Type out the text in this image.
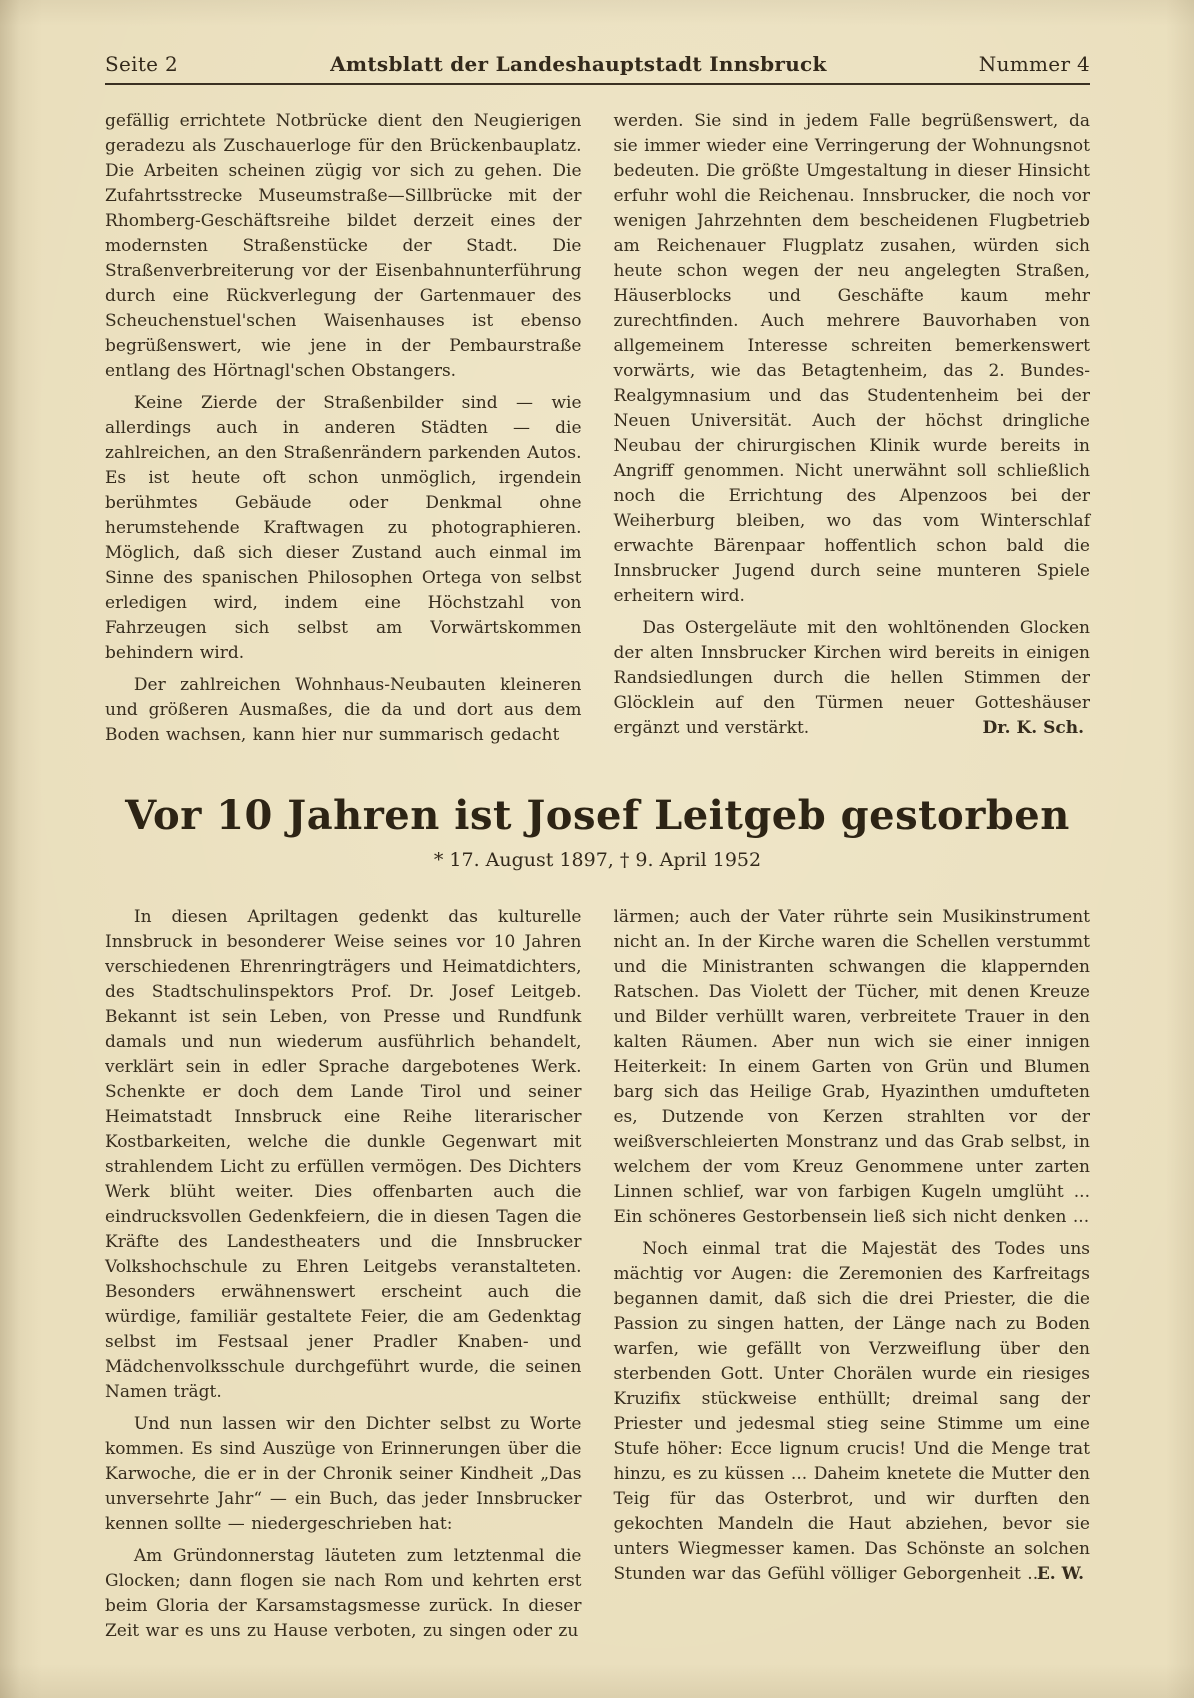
Seite 2	Amtsblatt der Landeshauptstadt Innsbruck	Nummer 4

gefällig errichtete Notbrücke dient den Neugierigen geradezu als Zuschauerloge für den Brückenbauplatz. Die Arbeiten scheinen zügig vor sich zu gehen. Die Zufahrtsstrecke Museumstraße—Sillbrücke mit der Rhomberg-Geschäftsreihe bildet derzeit eines der modernsten Straßenstücke der Stadt. Die Straßenverbreiterung vor der Eisenbahnunterführung durch eine Rückverlegung der Gartenmauer des Scheuchenstuel'schen Waisenhauses ist ebenso begrüßenswert, wie jene in der Pembaurstraße entlang des Hörtnagl'schen Obstangers.

Keine Zierde der Straßenbilder sind — wie allerdings auch in anderen Städten — die zahlreichen, an den Straßenrändern parkenden Autos. Es ist heute oft schon unmöglich, irgendein berühmtes Gebäude oder Denkmal ohne herumstehende Kraftwagen zu photographieren. Möglich, daß sich dieser Zustand auch einmal im Sinne des spanischen Philosophen Ortega von selbst erledigen wird, indem eine Höchstzahl von Fahrzeugen sich selbst am Vorwärtskommen behindern wird.

Der zahlreichen Wohnhaus-Neubauten kleineren und größeren Ausmaßes, die da und dort aus dem Boden wachsen, kann hier nur summarisch gedacht

werden. Sie sind in jedem Falle begrüßenswert, da sie immer wieder eine Verringerung der Wohnungsnot bedeuten. Die größte Umgestaltung in dieser Hinsicht erfuhr wohl die Reichenau. Innsbrucker, die noch vor wenigen Jahrzehnten dem bescheidenen Flugbetrieb am Reichenauer Flugplatz zusahen, würden sich heute schon wegen der neu angelegten Straßen, Häuserblocks und Geschäfte kaum mehr zurechtfinden. Auch mehrere Bauvorhaben von allgemeinem Interesse schreiten bemerkenswert vorwärts, wie das Betagtenheim, das 2. Bundes-Realgymnasium und das Studentenheim bei der Neuen Universität. Auch der höchst dringliche Neubau der chirurgischen Klinik wurde bereits in Angriff genommen. Nicht unerwähnt soll schließlich noch die Errichtung des Alpenzoos bei der Weiherburg bleiben, wo das vom Winterschlaf erwachte Bärenpaar hoffentlich schon bald die Innsbrucker Jugend durch seine munteren Spiele erheitern wird.

Das Ostergeläute mit den wohltönenden Glocken der alten Innsbrucker Kirchen wird bereits in einigen Randsiedlungen durch die hellen Stimmen der Glöcklein auf den Türmen neuer Gotteshäuser ergänzt und verstärkt.	Dr. K. Sch.
Vor 10 Jahren ist Josef Leitgeb gestorben
* 17. August 1897, † 9. April 1952

In diesen Apriltagen gedenkt das kulturelle Innsbruck in besonderer Weise seines vor 10 Jahren verschiedenen Ehrenringträgers und Heimatdichters, des Stadtschulinspektors Prof. Dr. Josef Leitgeb. Bekannt ist sein Leben, von Presse und Rundfunk damals und nun wiederum ausführlich behandelt, verklärt sein in edler Sprache dargebotenes Werk. Schenkte er doch dem Lande Tirol und seiner Heimatstadt Innsbruck eine Reihe literarischer Kostbarkeiten, welche die dunkle Gegenwart mit strahlendem Licht zu erfüllen vermögen. Des Dichters Werk blüht weiter. Dies offenbarten auch die eindrucksvollen Gedenkfeiern, die in diesen Tagen die Kräfte des Landestheaters und die Innsbrucker Volkshochschule zu Ehren Leitgebs veranstalteten. Besonders erwähnenswert erscheint auch die würdige, familiär gestaltete Feier, die am Gedenktag selbst im Festsaal jener Pradler Knaben- und Mädchenvolksschule durchgeführt wurde, die seinen Namen trägt.

Und nun lassen wir den Dichter selbst zu Worte kommen. Es sind Auszüge von Erinnerungen über die Karwoche, die er in der Chronik seiner Kindheit „Das unversehrte Jahr“ — ein Buch, das jeder Innsbrucker kennen sollte — niedergeschrieben hat:

Am Gründonnerstag läuteten zum letztenmal die Glocken; dann flogen sie nach Rom und kehrten erst beim Gloria der Karsamstagsmesse zurück. In dieser Zeit war es uns zu Hause verboten, zu singen oder zu

lärmen; auch der Vater rührte sein Musikinstrument nicht an. In der Kirche waren die Schellen verstummt und die Ministranten schwangen die klappernden Ratschen. Das Violett der Tücher, mit denen Kreuze und Bilder verhüllt waren, verbreitete Trauer in den kalten Räumen. Aber nun wich sie einer innigen Heiterkeit: In einem Garten von Grün und Blumen barg sich das Heilige Grab, Hyazinthen umdufteten es, Dutzende von Kerzen strahlten vor der weißverschleierten Monstranz und das Grab selbst, in welchem der vom Kreuz Genommene unter zarten Linnen schlief, war von farbigen Kugeln umglüht ... Ein schöneres Gestorbensein ließ sich nicht denken ...

Noch einmal trat die Majestät des Todes uns mächtig vor Augen: die Zeremonien des Karfreitags begannen damit, daß sich die drei Priester, die die Passion zu singen hatten, der Länge nach zu Boden warfen, wie gefällt von Verzweiflung über den sterbenden Gott. Unter Chorälen wurde ein riesiges Kruzifix stückweise enthüllt; dreimal sang der Priester und jedesmal stieg seine Stimme um eine Stufe höher: Ecce lignum crucis! Und die Menge trat hinzu, es zu küssen ... Daheim knetete die Mutter den Teig für das Osterbrot, und wir durften den gekochten Mandeln die Haut abziehen, bevor sie unters Wiegmesser kamen. Das Schönste an solchen Stunden war das Gefühl völliger Geborgenheit ...

E. W.
